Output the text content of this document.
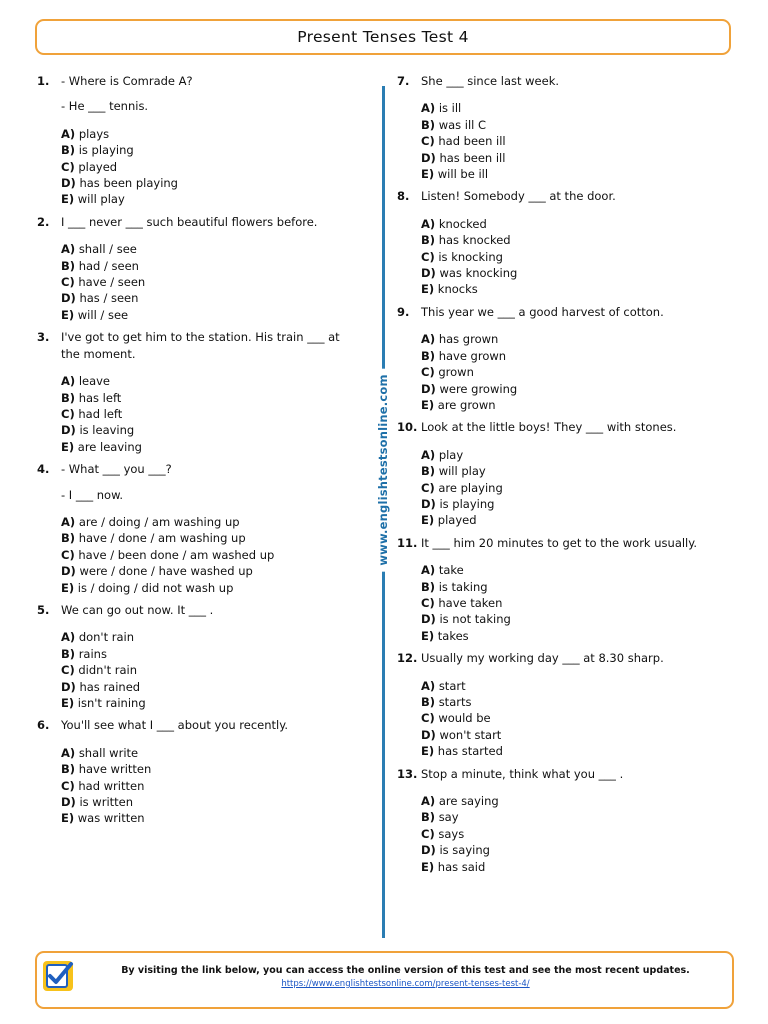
Present Tenses Test 4
1. - Where is Comrade A?

- He ___ tennis.

A) plays
B) is playing
C) played
D) has been playing
E) will play
2. I ___ never ___ such beautiful flowers before.

A) shall / see
B) had / seen
C) have / seen
D) has / seen
E) will / see
3. I've got to get him to the station. His train ___ at the moment.

A) leave
B) has left
C) had left
D) is leaving
E) are leaving
4. - What ___ you ___?

- I ___ now.

A) are / doing / am washing up
B) have / done / am washing up
C) have / been done / am washed up
D) were / done / have washed up
E) is / doing / did not wash up
5. We can go out now. It ___ .

A) don't rain
B) rains
C) didn't rain
D) has rained
E) isn't raining
6. You'll see what I ___ about you recently.

A) shall write
B) have written
C) had written
D) is written
E) was written
www.englishtestsonline.com
7. She ___ since last week.

A) is ill
B) was ill C
C) had been ill
D) has been ill
E) will be ill
8. Listen! Somebody ___ at the door.

A) knocked
B) has knocked
C) is knocking
D) was knocking
E) knocks
9. This year we ___ a good harvest of cotton.

A) has grown
B) have grown
C) grown
D) were growing
E) are grown
10. Look at the little boys! They ___ with stones.

A) play
B) will play
C) are playing
D) is playing
E) played
11. It ___ him 20 minutes to get to the work usually.

A) take
B) is taking
C) have taken
D) is not taking
E) takes
12. Usually my working day ___ at 8.30 sharp.

A) start
B) starts
C) would be
D) won't start
E) has started
13. Stop a minute, think what you ___ .

A) are saying
B) say
C) says
D) is saying
E) has said
By visiting the link below, you can access the online version of this test and see the most recent updates.
https://www.englishtestsonline.com/present-tenses-test-4/
